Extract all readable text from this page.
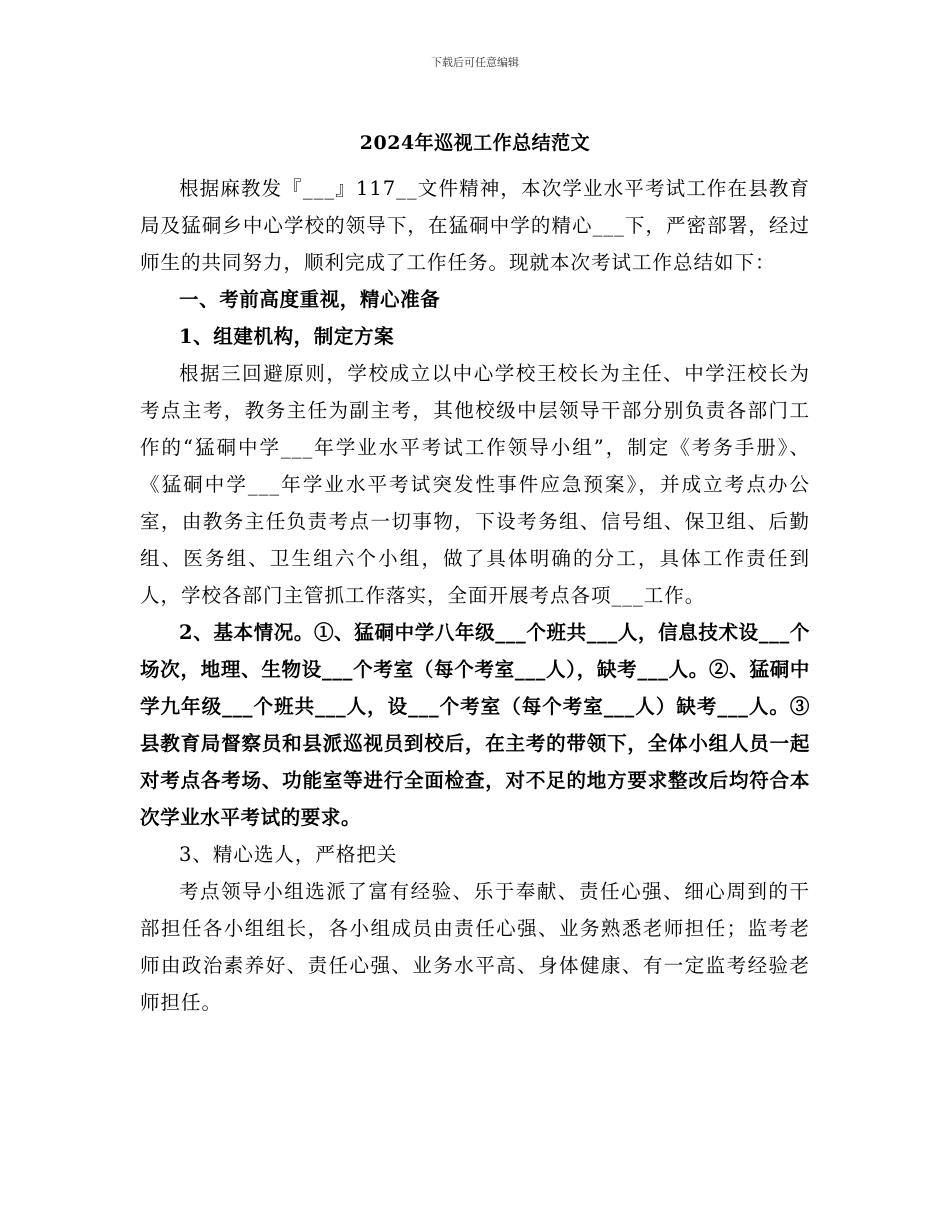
下载后可任意编辑
2024年巡视工作总结范文

根据麻教发『___』117__文件精神，本次学业水平考试工作在县教育局及猛硐乡中心学校的领导下，在猛硐中学的精心___下，严密部署，经过师生的共同努力，顺利完成了工作任务。现就本次考试工作总结如下：

一、考前高度重视，精心准备

1、组建机构，制定方案

根据三回避原则，学校成立以中心学校王校长为主任、中学汪校长为考点主考，教务主任为副主考，其他校级中层领导干部分别负责各部门工作的“猛硐中学___年学业水平考试工作领导小组”，制定《考务手册》、《猛硐中学___年学业水平考试突发性事件应急预案》，并成立考点办公室，由教务主任负责考点一切事物，下设考务组、信号组、保卫组、后勤组、医务组、卫生组六个小组，做了具体明确的分工，具体工作责任到人，学校各部门主管抓工作落实，全面开展考点各项___工作。

2、基本情况。①、猛硐中学八年级___个班共___人，信息技术设___个场次，地理、生物设___个考室（每个考室___人），缺考___人。②、猛硐中学九年级___个班共___人，设___个考室（每个考室___人）缺考___人。③县教育局督察员和县派巡视员到校后，在主考的带领下，全体小组人员一起对考点各考场、功能室等进行全面检查，对不足的地方要求整改后均符合本次学业水平考试的要求。

3、精心选人，严格把关

考点领导小组选派了富有经验、乐于奉献、责任心强、细心周到的干部担任各小组组长，各小组成员由责任心强、业务熟悉老师担任；监考老师由政治素养好、责任心强、业务水平高、身体健康、有一定监考经验老师担任。
